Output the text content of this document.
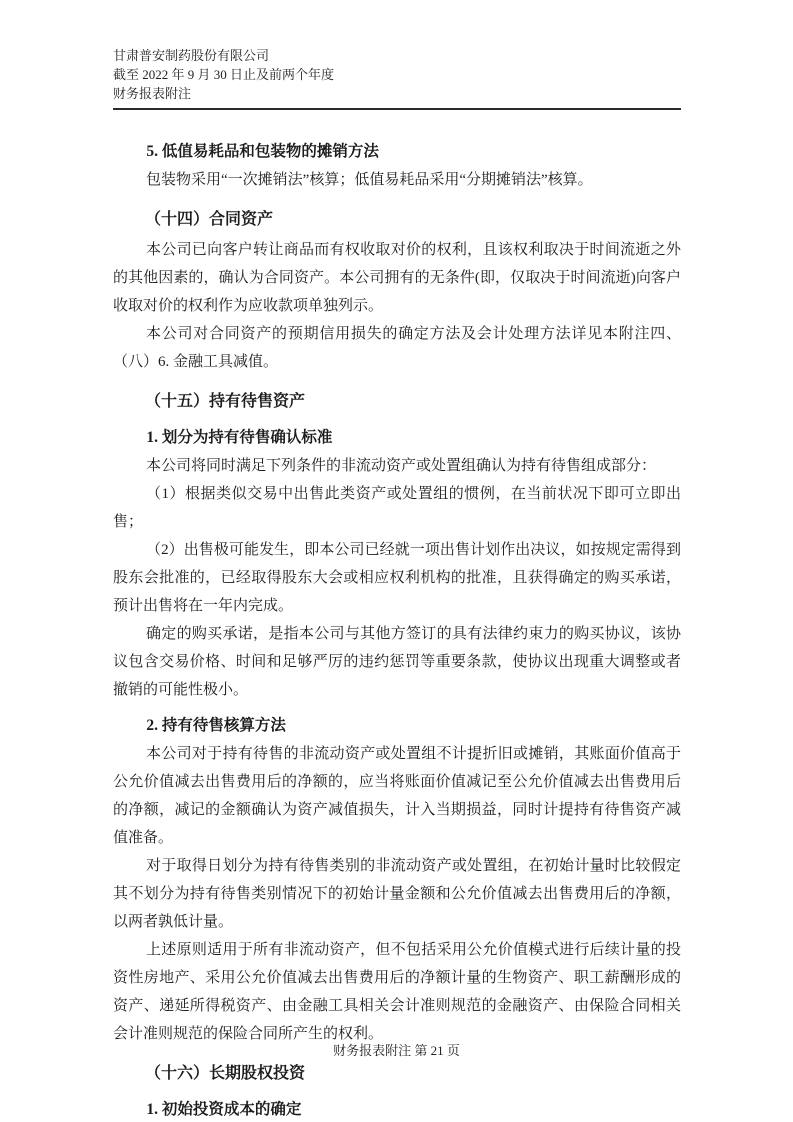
甘肃普安制药股份有限公司
截至 2022 年 9 月 30 日止及前两个年度
财务报表附注
5. 低值易耗品和包装物的摊销方法

包装物采用“一次摊销法”核算；低值易耗品采用“分期摊销法”核算。

（十四）合同资产

本公司已向客户转让商品而有权收取对价的权利，且该权利取决于时间流逝之外的其他因素的，确认为合同资产。本公司拥有的无条件(即，仅取决于时间流逝)向客户收取对价的权利作为应收款项单独列示。

本公司对合同资产的预期信用损失的确定方法及会计处理方法详见本附注四、（八）6. 金融工具减值。

（十五）持有待售资产
1. 划分为持有待售确认标准

本公司将同时满足下列条件的非流动资产或处置组确认为持有待售组成部分：

（1）根据类似交易中出售此类资产或处置组的惯例，在当前状况下即可立即出售；

（2）出售极可能发生，即本公司已经就一项出售计划作出决议，如按规定需得到股东会批准的，已经取得股东大会或相应权利机构的批准，且获得确定的购买承诺，预计出售将在一年内完成。

确定的购买承诺，是指本公司与其他方签订的具有法律约束力的购买协议，该协议包含交易价格、时间和足够严厉的违约惩罚等重要条款，使协议出现重大调整或者撤销的可能性极小。

2. 持有待售核算方法

本公司对于持有待售的非流动资产或处置组不计提折旧或摊销，其账面价值高于公允价值减去出售费用后的净额的，应当将账面价值减记至公允价值减去出售费用后的净额，减记的金额确认为资产减值损失，计入当期损益，同时计提持有待售资产减值准备。

对于取得日划分为持有待售类别的非流动资产或处置组，在初始计量时比较假定其不划分为持有待售类别情况下的初始计量金额和公允价值减去出售费用后的净额，以两者孰低计量。

上述原则适用于所有非流动资产，但不包括采用公允价值模式进行后续计量的投资性房地产、采用公允价值减去出售费用后的净额计量的生物资产、职工薪酬形成的资产、递延所得税资产、由金融工具相关会计准则规范的金融资产、由保险合同相关会计准则规范的保险合同所产生的权利。

（十六）长期股权投资
1. 初始投资成本的确定
财务报表附注 第 21 页
